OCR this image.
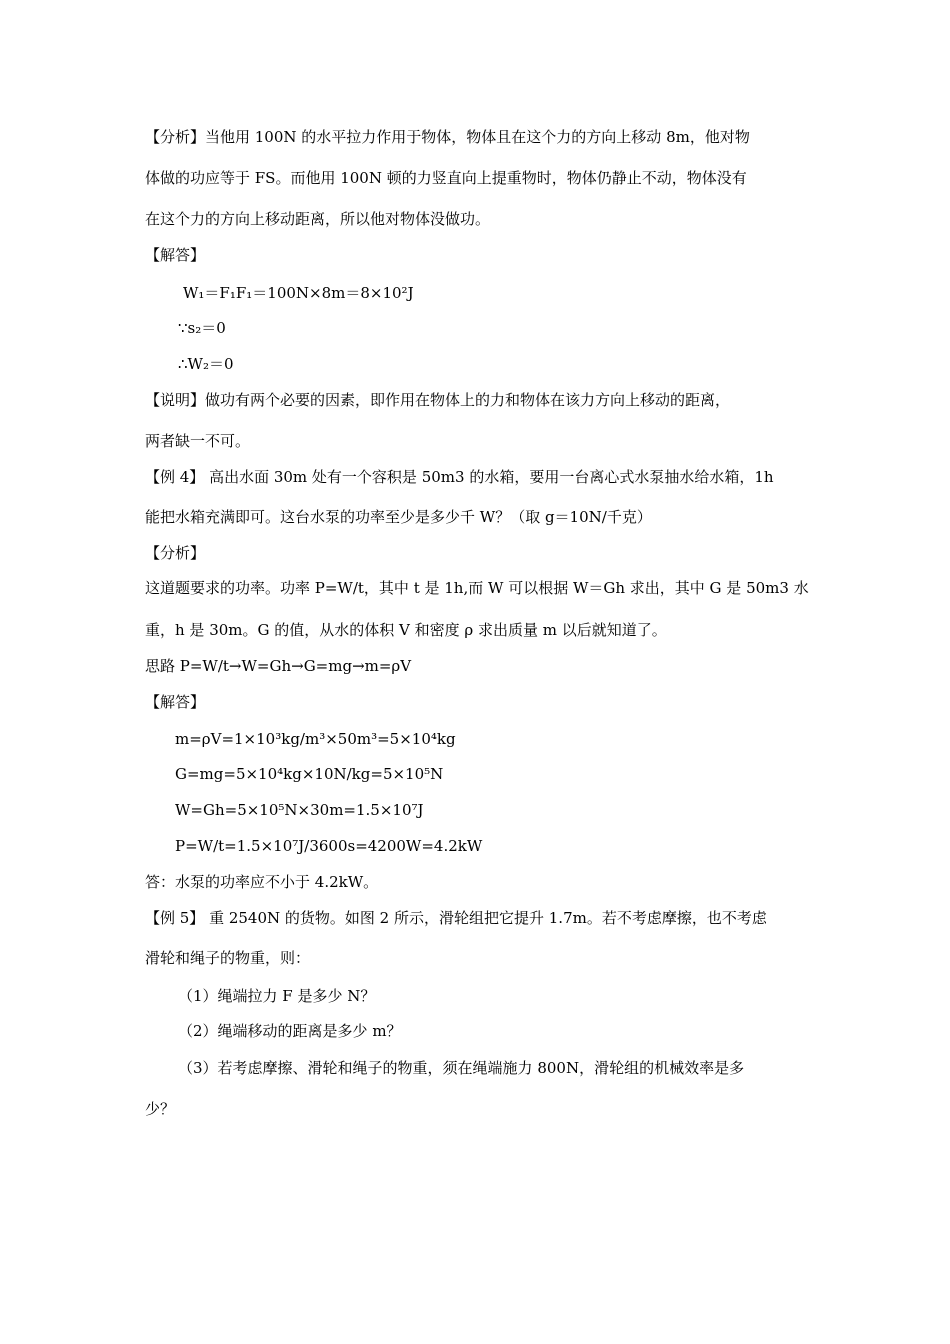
【分析】当他用 100N 的水平拉力作用于物体，物体且在这个力的方向上移动 8m，他对物
体做的功应等于 FS。而他用 100N 顿的力竖直向上提重物时，物体仍静止不动，物体没有
在这个力的方向上移动距离，所以他对物体没做功。
【解答】
W₁＝F₁F₁＝100N×8m＝8×10²J
∵s₂＝0
∴W₂＝0
【说明】做功有两个必要的因素，即作用在物体上的力和物体在该力方向上移动的距离，
两者缺一不可。
【例 4】 高出水面 30m 处有一个容积是 50m3 的水箱，要用一台离心式水泵抽水给水箱，1h
能把水箱充满即可。这台水泵的功率至少是多少千 W？（取 g＝10N/千克）
【分析】
这道题要求的功率。功率 P=W/t，其中 t 是 1h,而 W 可以根据 W＝Gh 求出，其中 G 是 50m3 水
重，h 是 30m。G 的值，从水的体积 V 和密度 ρ 求出质量 m 以后就知道了。
思路 P=W/t→W=Gh→G=mg→m=ρV
【解答】
m=ρV=1×10³kg/m³×50m³=5×10⁴kg
G=mg=5×10⁴kg×10N/kg=5×10⁵N
W=Gh=5×10⁵N×30m=1.5×10⁷J
P=W/t=1.5×10⁷J/3600s=4200W=4.2kW
答：水泵的功率应不小于 4.2kW。
【例 5】 重 2540N 的货物。如图 2 所示，滑轮组把它提升 1.7m。若不考虑摩擦，也不考虑
滑轮和绳子的物重，则：
（1）绳端拉力 F 是多少 N？
（2）绳端移动的距离是多少 m？
（3）若考虑摩擦、滑轮和绳子的物重，须在绳端施力 800N，滑轮组的机械效率是多
少？
